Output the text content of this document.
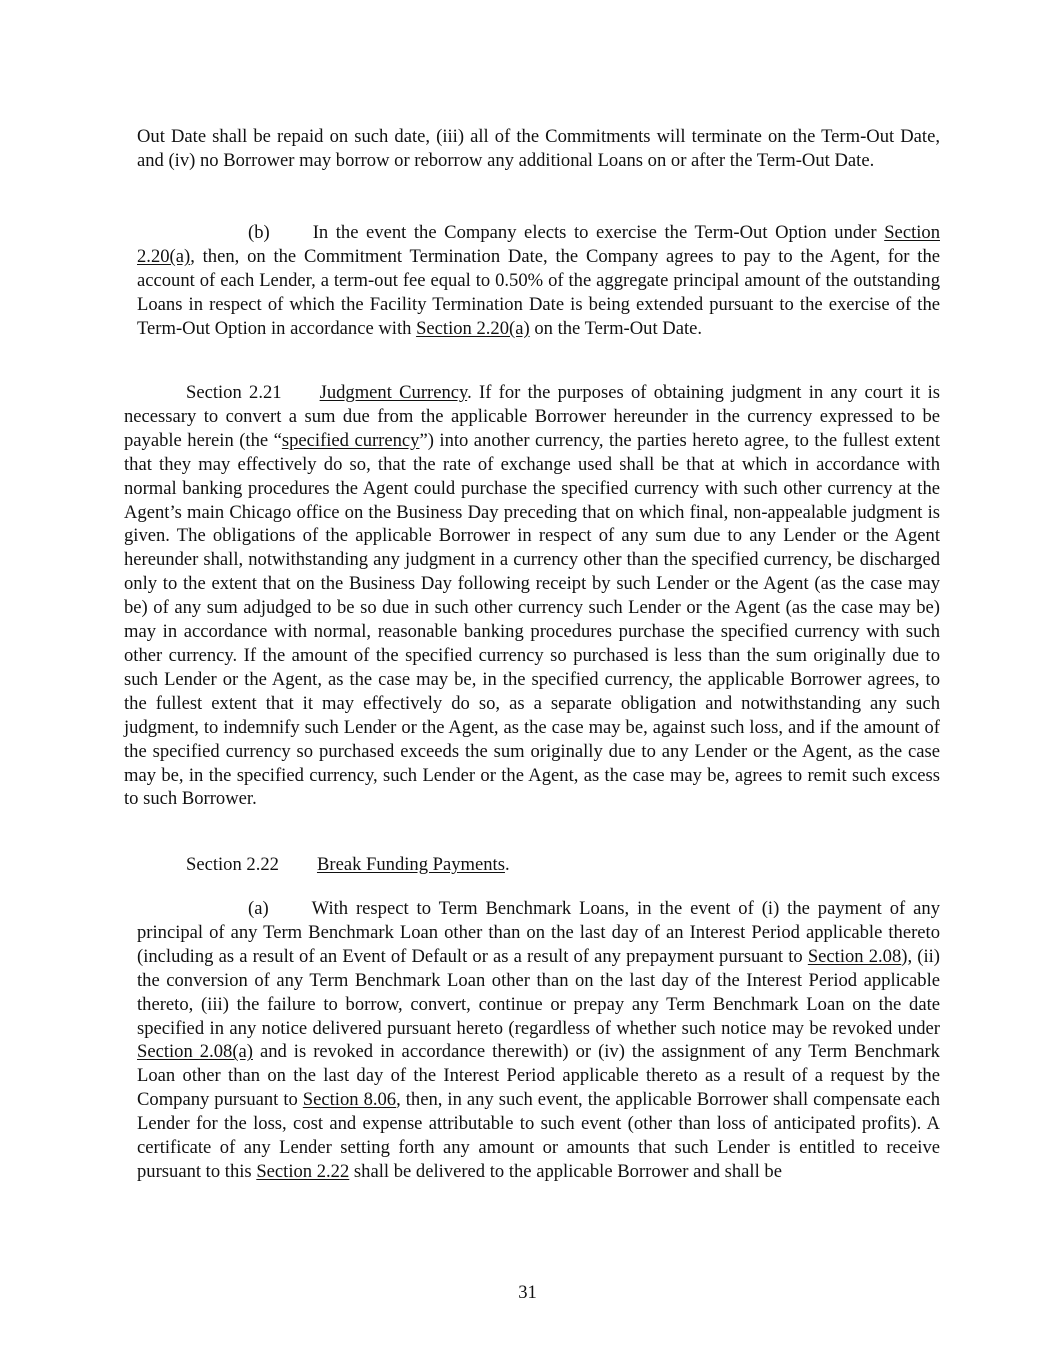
Out Date shall be repaid on such date, (iii) all of the Commitments will terminate on the Term-Out Date, and (iv) no Borrower may borrow or reborrow any additional Loans on or after the Term-Out Date.

(b) In the event the Company elects to exercise the Term-Out Option under Section 2.20(a), then, on the Commitment Termination Date, the Company agrees to pay to the Agent, for the account of each Lender, a term-out fee equal to 0.50% of the aggregate principal amount of the outstanding Loans in respect of which the Facility Termination Date is being extended pursuant to the exercise of the Term-Out Option in accordance with Section 2.20(a) on the Term-Out Date.

Section 2.21 Judgment Currency. If for the purposes of obtaining judgment in any court it is necessary to convert a sum due from the applicable Borrower hereunder in the currency expressed to be payable herein (the “specified currency”) into another currency, the parties hereto agree, to the fullest extent that they may effectively do so, that the rate of exchange used shall be that at which in accordance with normal banking procedures the Agent could purchase the specified currency with such other currency at the Agent’s main Chicago office on the Business Day preceding that on which final, non-appealable judgment is given. The obligations of the applicable Borrower in respect of any sum due to any Lender or the Agent hereunder shall, notwithstanding any judgment in a currency other than the specified currency, be discharged only to the extent that on the Business Day following receipt by such Lender or the Agent (as the case may be) of any sum adjudged to be so due in such other currency such Lender or the Agent (as the case may be) may in accordance with normal, reasonable banking procedures purchase the specified currency with such other currency. If the amount of the specified currency so purchased is less than the sum originally due to such Lender or the Agent, as the case may be, in the specified currency, the applicable Borrower agrees, to the fullest extent that it may effectively do so, as a separate obligation and notwithstanding any such judgment, to indemnify such Lender or the Agent, as the case may be, against such loss, and if the amount of the specified currency so purchased exceeds the sum originally due to any Lender or the Agent, as the case may be, in the specified currency, such Lender or the Agent, as the case may be, agrees to remit such excess to such Borrower.

Section 2.22 Break Funding Payments.

(a) With respect to Term Benchmark Loans, in the event of (i) the payment of any principal of any Term Benchmark Loan other than on the last day of an Interest Period applicable thereto (including as a result of an Event of Default or as a result of any prepayment pursuant to Section 2.08), (ii) the conversion of any Term Benchmark Loan other than on the last day of the Interest Period applicable thereto, (iii) the failure to borrow, convert, continue or prepay any Term Benchmark Loan on the date specified in any notice delivered pursuant hereto (regardless of whether such notice may be revoked under Section 2.08(a) and is revoked in accordance therewith) or (iv) the assignment of any Term Benchmark Loan other than on the last day of the Interest Period applicable thereto as a result of a request by the Company pursuant to Section 8.06, then, in any such event, the applicable Borrower shall compensate each Lender for the loss, cost and expense attributable to such event (other than loss of anticipated profits). A certificate of any Lender setting forth any amount or amounts that such Lender is entitled to receive pursuant to this Section 2.22 shall be delivered to the applicable Borrower and shall be

31
